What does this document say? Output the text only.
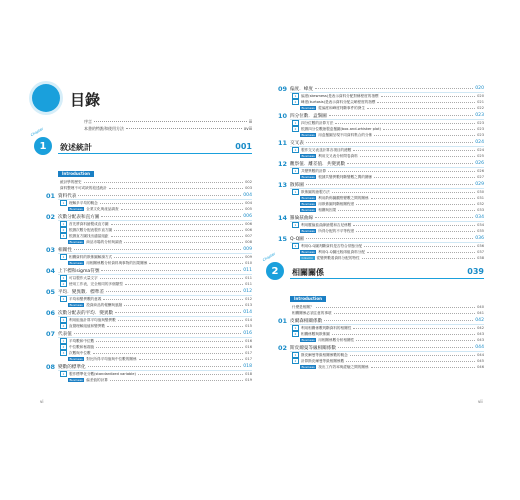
目錄
序言	iii
本書的特點和使用方法	xviii
Chapter
1	敘述統計	001
Introduction
統計學的歷史	002
資料整理不可或缺的敘述統計	003
01 資料代表	004
1	理解多平均的概念	004
Business 企業文化與產品調查	005
02 次數分配表和直方圖	006
1	首先將資料繪製成直方圖	006
2	根據次數分配表製作直方圖	006
3	根據直方圖找出適當組距	007
Business 商品市場的分析與調查	008
03 相關性	009
1	相關資料的散佈圖解讀方式	009
Business 用相關係數分析資料與事物的因果關係	010
04 上下標和sigma符號	011
1	可以製作大量文字	011
2	使用工作表，完全相同的多個類型	011
05 平均．變異數．標準差	012
1	平均和變異數的意義	012
Business 投資商品的報酬與風險	013
06 次數分配表的平均．變異數	014
1	利用組值計算平均值與變異數	014
2	直覺理解組值和變異數	015
07 代表值	016
1	平均數和中位數	016
2	中位數和極端值	016
3	次數與中位數	017
Business 對比所得平均值與中位數的關係	017
08 變數的標準化	018
1	製作標準化分數(standardized variable)	018
Business 偏差值的計算	019
09 偏度．峰度	020
1	偏度(skewness)是表示資料分配對稱程度的指標	020
2	峰度(kurtosis)是表示資料分配尖峭程度的指標	021
Business 從偏度和峰度判斷事件的發生	022
10 四分位數．盒鬚圖	023
1	四分位數的計算方法	023
2	根據四分位數繪製盒鬚圖(box-and-whisker plot)	023
Business 用盒鬚圖呈現不同資料集合的分佈	023
11 交叉表	024
1	製作交叉表並計算各項目的總數	024
Business 利用交叉表分析問卷資料	025
12 觀察值．離差值．共變異數	026
1	共變異數的計算	026
Business 根據共變異數判斷變數之間的關係	027
13 散佈圖	029
1	散佈圖的繪製方法	030
Business 利用散佈圖觀察變數之間的關係	031
Business 用散佈圖判斷相關程度	032
Business 相關與因果	033
14 羅倫茲曲線	034
1	利用羅倫茲曲線繪製和吉尼係數	034
Business 所得分配的不平等程度	035
15 Q-Q圖	036
1	利用Q-Q圖判斷資料是否符合常態分配	036
Business 利用Q-Q圖比較兩組資料分配	037
Column 從變異數看資料分配的特性	038
Chapter
2	相關關係	039
Introduction
什麼是相關？	040
相關關係必須注意的事項	041
01 皮爾森相關係數	042
1	利用相關係數判斷資料的相關性	042
2	相關係數與散佈圖	043
Business 用相關係數分析相關性	043
02 斯皮爾曼等級相關係數	044
1	斯皮爾曼等級相關係數的概念	044
2	計算斯皮爾曼等級相關係數	045
Business 找出工作效率與經驗之間的關係	046
vi	vii
